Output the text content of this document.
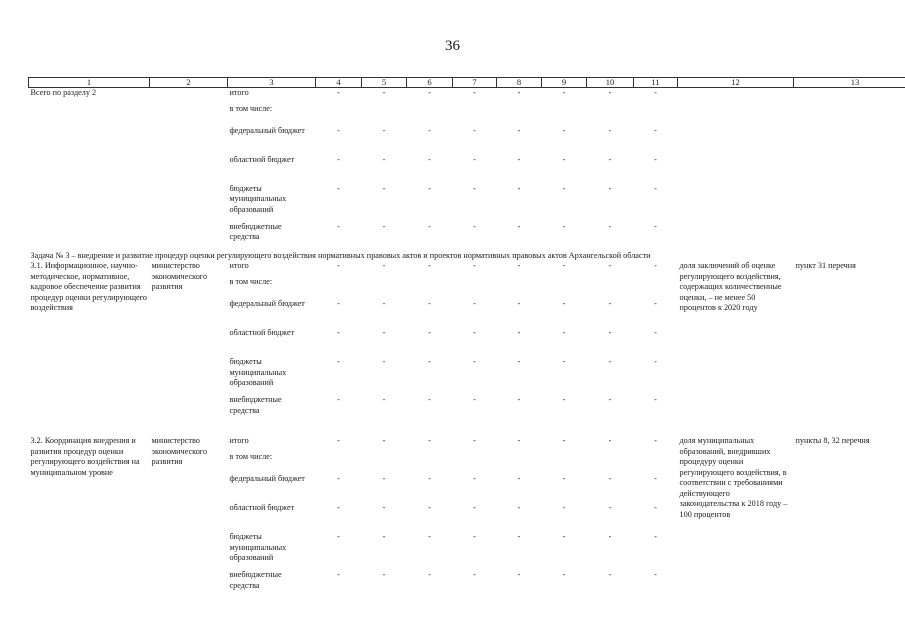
36
1	2	3	4	5	6	7	8	9	10	11	12	13
Всего по разделу 2		итого	-	-	-	-	-	-	-	-		
		в том числе:										
		федеральный бюджет	-	-	-	-	-	-	-	-		
		областной бюджет	-	-	-	-	-	-	-	-		
		бюджеты муниципальных образований	-	-	-	-	-	-	-	-		
		внебюджетные средства	-	-	-	-	-	-	-	-		
Задача № 3 – внедрение и развитие процедур оценки регулирующего воздействия нормативных правовых актов и проектов нормативных правовых актов Архангельской области												
3.1. Информационное, научно-методическое, нормативное, кадровое обеспечение развития процедур оценки регулирующего воздействия	министерство экономического развития	итого	-	-	-	-	-	-	-	-	доля заключений об оценке регулирующего воздействия, содержащих количественные оценки, – не менее 50 процентов к 2020 году	пункт 31 перечня
		в том числе:										
		федеральный бюджет	-	-	-	-	-	-	-	-		
		областной бюджет	-	-	-	-	-	-	-	-		
		бюджеты муниципальных образований	-	-	-	-	-	-	-	-		
		внебюджетные средства	-	-	-	-	-	-	-	-		

3.2. Координация внедрения и развития процедур оценки регулирующего воздействия на муниципальном уровне	министерство экономического развития	итого	-	-	-	-	-	-	-	-	доля муниципальных образований, внедривших процедуру оценки регулирующего воздействия, в соответствии с требованиями действующего законодательства к 2018 году – 100 процентов	пункты 8, 32 перечня
		в том числе:										
		федеральный бюджет	-	-	-	-	-	-	-	-		
		областной бюджет	-	-	-	-	-	-	-	-		
		бюджеты муниципальных образований	-	-	-	-	-	-	-	-		
		внебюджетные средства	-	-	-	-	-	-	-	-		
